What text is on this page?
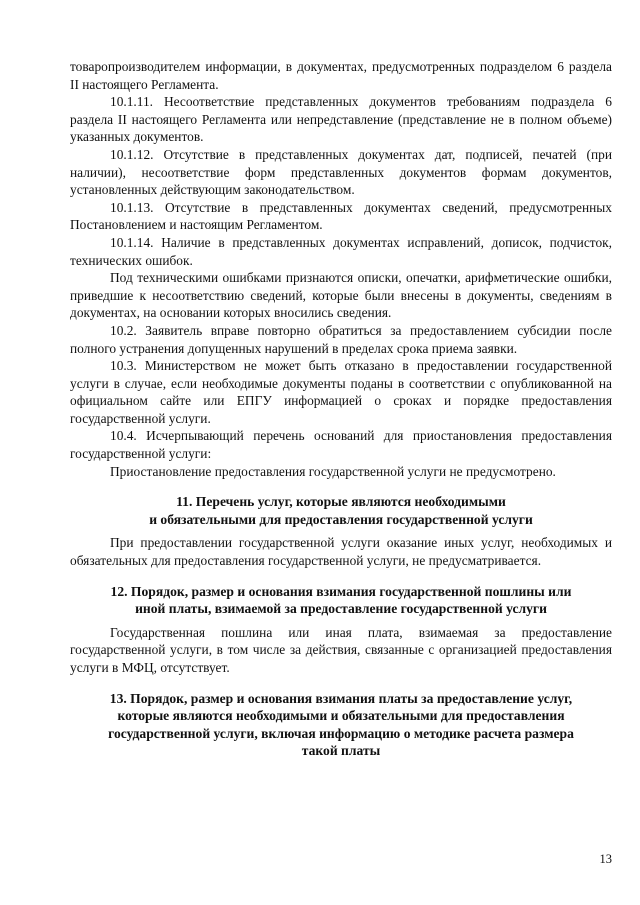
товаропроизводителем информации, в документах, предусмотренных подразделом 6 раздела II настоящего Регламента.

10.1.11. Несоответствие представленных документов требованиям подраздела 6 раздела II настоящего Регламента или непредставление (представление не в полном объеме) указанных документов.

10.1.12. Отсутствие в представленных документах дат, подписей, печатей (при наличии), несоответствие форм представленных документов формам документов, установленных действующим законодательством.

10.1.13. Отсутствие в представленных документах сведений, предусмотренных Постановлением и настоящим Регламентом.

10.1.14. Наличие в представленных документах исправлений, дописок, подчисток, технических ошибок.

Под техническими ошибками признаются описки, опечатки, арифметические ошибки, приведшие к несоответствию сведений, которые были внесены в документы, сведениям в документах, на основании которых вносились сведения.

10.2. Заявитель вправе повторно обратиться за предоставлением субсидии после полного устранения допущенных нарушений в пределах срока приема заявки.

10.3. Министерством не может быть отказано в предоставлении государственной услуги в случае, если необходимые документы поданы в соответствии с опубликованной на официальном сайте или ЕПГУ информацией о сроках и порядке предоставления государственной услуги.

10.4. Исчерпывающий перечень оснований для приостановления предоставления государственной услуги:

Приостановление предоставления государственной услуги не предусмотрено.

11. Перечень услуг, которые являются необходимыми
и обязательными для предоставления государственной услуги

При предоставлении государственной услуги оказание иных услуг, необходимых и обязательных для предоставления государственной услуги, не предусматривается.

12. Порядок, размер и основания взимания государственной пошлины или
иной платы, взимаемой за предоставление государственной услуги

Государственная пошлина или иная плата, взимаемая за предоставление государственной услуги, в том числе за действия, связанные с организацией предоставления услуги в МФЦ, отсутствует.

13. Порядок, размер и основания взимания платы за предоставление услуг,
которые являются необходимыми и обязательными для предоставления
государственной услуги, включая информацию о методике расчета размера
такой платы
13
